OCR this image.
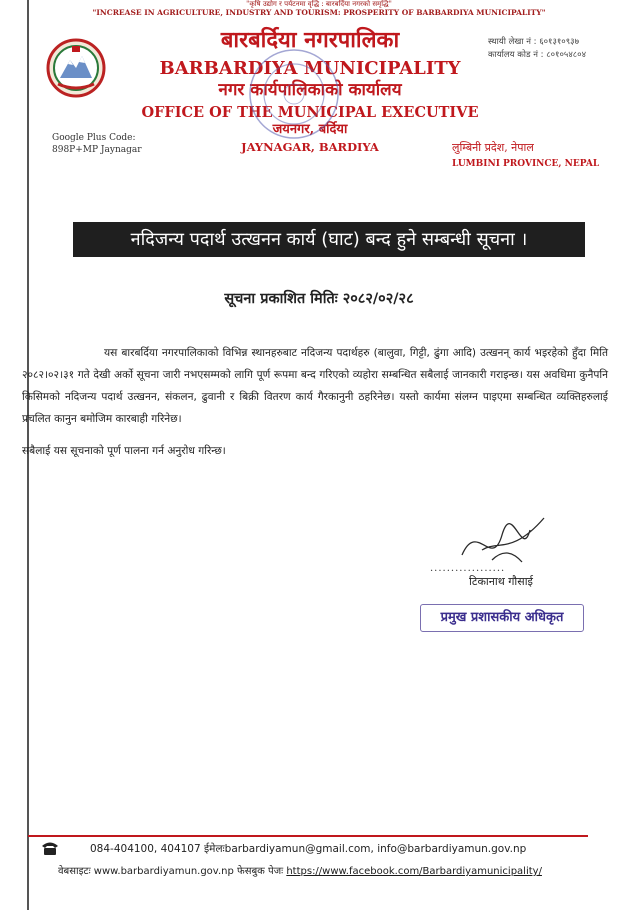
"कृषि उद्योग र पर्यटनमा वृद्धि : बारबर्दिया नगरको समृद्धि"
"INCREASE IN AGRICULTURE, INDUSTRY AND TOURISM: PROSPERITY OF BARBARDIYA MUNICIPALITY"
Google Plus Code:
898P+MP Jaynagar
बारबर्दिया नगरपालिका
BARBARDIYA MUNICIPALITY
नगर कार्यपालिकाको कार्यालय
OFFICE OF THE MUNICIPAL EXECUTIVE
जयनगर, बर्दिया
JAYNAGAR, BARDIYA
स्थायी लेखा नं : ६०१३१०९३७
कार्यालय कोड नं : ८०१०५४८०४
लुम्बिनी प्रदेश, नेपाल
LUMBINI PROVINCE, NEPAL
नदिजन्य पदार्थ उत्खनन कार्य (घाट) बन्द हुने सम्बन्धी सूचना ।
सूचना प्रकाशित मितिः २०८२/०२/२८

यस बारबर्दिया नगरपालिकाको विभिन्न स्थानहरुबाट नदिजन्य पदार्थहरु (बालुवा, गिट्टी, ढुंगा आदि) उत्खनन् कार्य भइरहेको हुँदा मिति २०८२।०२।३१ गते देखी अर्को सूचना जारी नभएसम्मको लागि पूर्ण रूपमा बन्द गरिएको व्यहोरा सम्बन्धित सबैलाई जानकारी गराइन्छ। यस अवधिमा कुनैपनि किसिमको नदिजन्य पदार्थ उत्खनन, संकलन, ढुवानी र बिक्री वितरण कार्य गैरकानुनी ठहरिनेछ। यस्तो कार्यमा संलग्न पाइएमा सम्बन्धित व्यक्तिहरुलाई प्रचलित कानुन बमोजिम कारबाही गरिनेछ।

सबैलाई यस सूचनाको पूर्ण पालना गर्न अनुरोध गरिन्छ।

..................
टिकानाथ गौसाई
प्रमुख प्रशासकीय अधिकृत
084-404100, 404107 ईमेलःbarbardiyamun@gmail.com, info@barbardiyamun.gov.np
वेबसाइटः www.barbardiyamun.gov.np फेसबुक पेजः https://www.facebook.com/Barbardiyamunicipality/
